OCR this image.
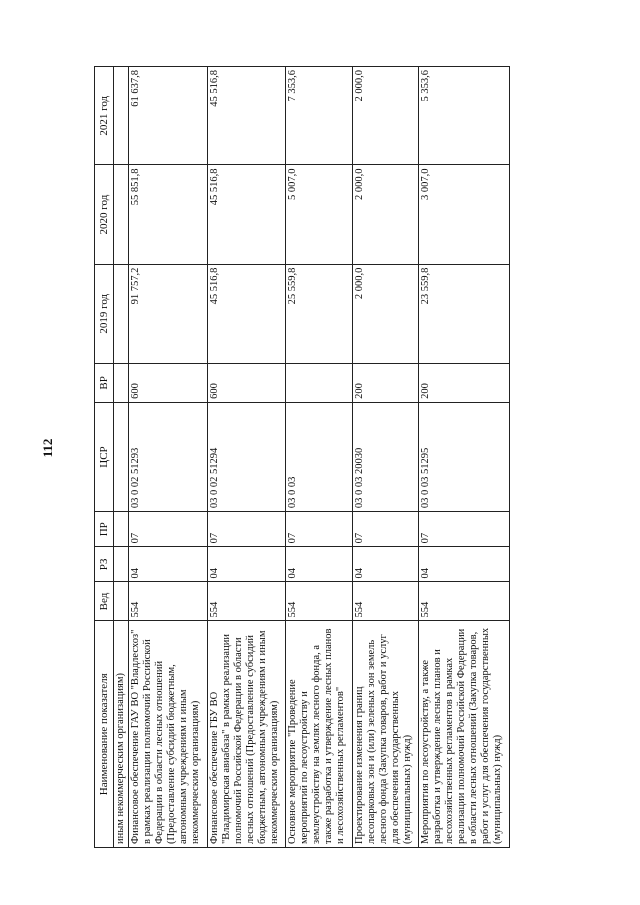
112
Наименование показателя	Вед	РЗ	ПР	ЦСР	ВР	2019 год	2020 год	2021 год
иным некоммерческим организациям)								
Финансовое обеспечение ГАУ ВО "Владлесхоз" в рамках реализации полномочий Российской Федерации в области лесных отношений (Предоставление субсидий бюджетным, автономным учреждениям и иным некоммерческим организациям)	554	04	07	03 0 02 51293	600	91 757,2	55 851,8	61 637,8
Финансовое обеспечение ГБУ ВО "Владимирская авиабаза" в рамках реализации полномочий Российской Федерации в области лесных отношений (Предоставление субсидий бюджетным, автономным учреждениям и иным некоммерческим организациям)	554	04	07	03 0 02 51294	600	45 516,8	45 516,8	45 516,8
Основное мероприятие "Проведение мероприятий по лесоустройству и землеустройству на землях лесного фонда, а также разработка и утверждение лесных планов и лесохозяйственных регламентов"	554	04	07	03 0 03		25 559,8	5 007,0	7 353,6
Проектирование изменения границ лесопарковых зон и (или) зеленых зон земель лесного фонда (Закупка товаров, работ и услуг для обеспечения государственных (муниципальных) нужд)	554	04	07	03 0 03 20030	200	2 000,0	2 000,0	2 000,0
Мероприятия по лесоустройству, а также разработка и утверждение лесных планов и лесохозяйственных регламентов в рамках реализации полномочий Российской Федерации в области лесных отношений (Закупка товаров, работ и услуг для обеспечения государственных (муниципальных) нужд)	554	04	07	03 0 03 51295	200	23 559,8	3 007,0	5 353,6
